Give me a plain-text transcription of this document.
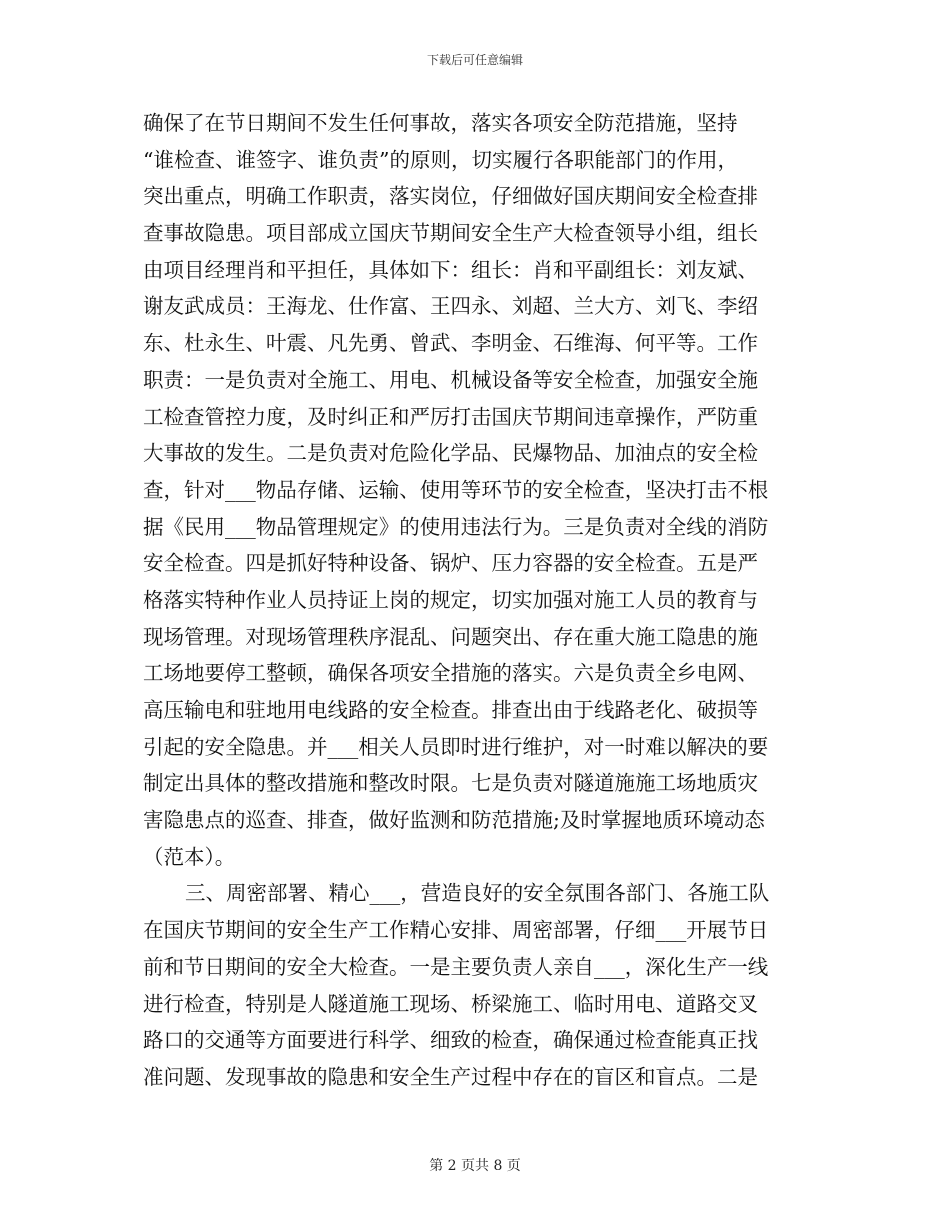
下载后可任意编辑
确保了在节日期间不发生任何事故，落实各项安全防范措施，坚持
“谁检查、谁签字、谁负责”的原则，切实履行各职能部门的作用，
突出重点，明确工作职责，落实岗位，仔细做好国庆期间安全检查排
查事故隐患。项目部成立国庆节期间安全生产大检查领导小组，组长
由项目经理肖和平担任，具体如下：组长：肖和平副组长：刘友斌、
谢友武成员：王海龙、仕作富、王四永、刘超、兰大方、刘飞、李绍
东、杜永生、叶震、凡先勇、曾武、李明金、石维海、何平等。工作
职责：一是负责对全施工、用电、机械设备等安全检查，加强安全施
工检查管控力度，及时纠正和严厉打击国庆节期间违章操作，严防重
大事故的发生。二是负责对危险化学品、民爆物品、加油点的安全检
查，针对___物品存储、运输、使用等环节的安全检查，坚决打击不根
据《民用___物品管理规定》的使用违法行为。三是负责对全线的消防
安全检查。四是抓好特种设备、锅炉、压力容器的安全检查。五是严
格落实特种作业人员持证上岗的规定，切实加强对施工人员的教育与
现场管理。对现场管理秩序混乱、问题突出、存在重大施工隐患的施
工场地要停工整顿，确保各项安全措施的落实。六是负责全乡电网、
高压输电和驻地用电线路的安全检查。排查出由于线路老化、破损等
引起的安全隐患。并___相关人员即时进行维护，对一时难以解决的要
制定出具体的整改措施和整改时限。七是负责对隧道施施工场地质灾
害隐患点的巡查、排查，做好监测和防范措施;及时掌握地质环境动态
（范本）。
三、周密部署、精心___，营造良好的安全氛围各部门、各施工队
在国庆节期间的安全生产工作精心安排、周密部署，仔细___开展节日
前和节日期间的安全大检查。一是主要负责人亲自___，深化生产一线
进行检查，特别是人隧道施工现场、桥梁施工、临时用电、道路交叉
路口的交通等方面要进行科学、细致的检查，确保通过检查能真正找
准问题、发现事故的隐患和安全生产过程中存在的盲区和盲点。二是
第 2 页共 8 页
